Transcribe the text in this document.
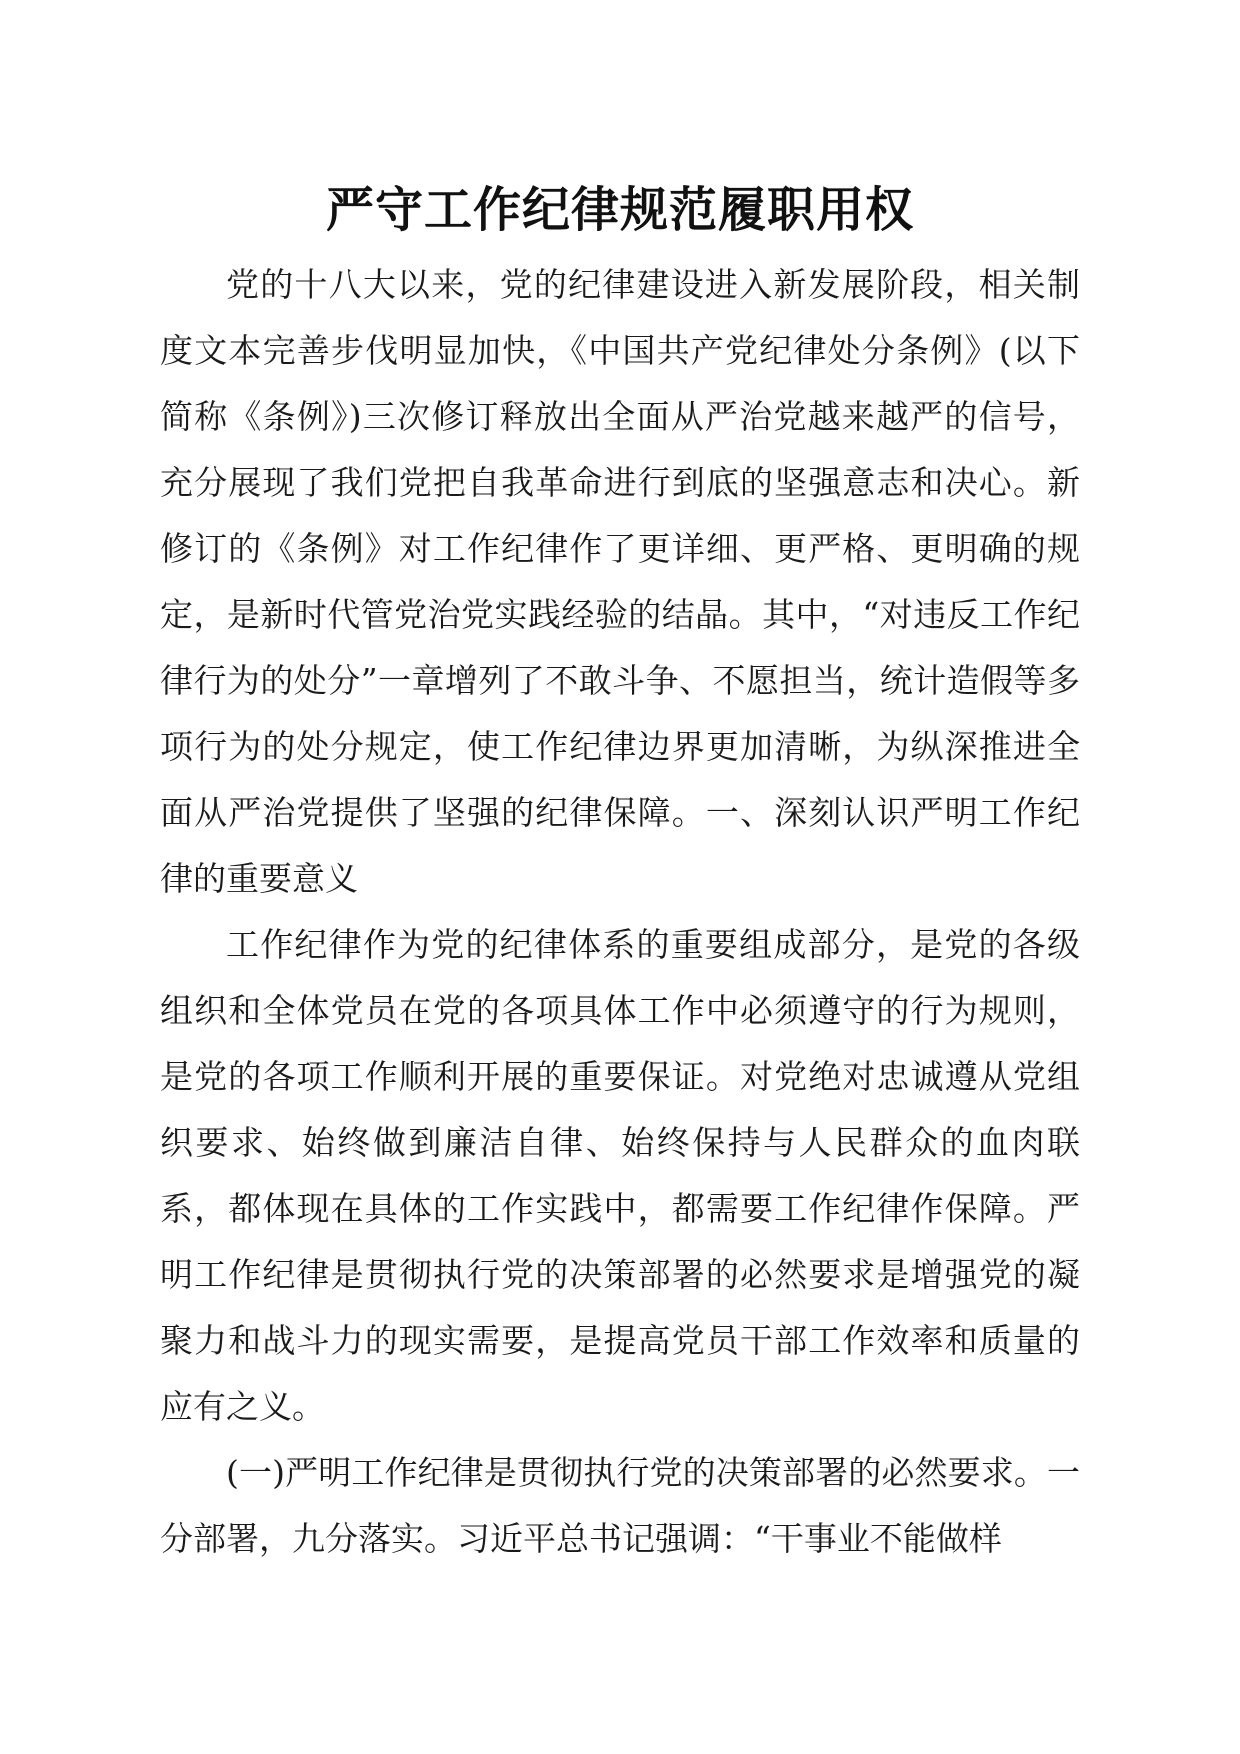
严守工作纪律规范履职用权

党的十八大以来，党的纪律建设进入新发展阶段，相关制度文本完善步伐明显加快，《中国共产党纪律处分条例》(以下简称《条例》)三次修订释放出全面从严治党越来越严的信号，充分展现了我们党把自我革命进行到底的坚强意志和决心。新修订的《条例》对工作纪律作了更详细、更严格、更明确的规定，是新时代管党治党实践经验的结晶。其中，“对违反工作纪律行为的处分”一章增列了不敢斗争、不愿担当，统计造假等多项行为的处分规定，使工作纪律边界更加清晰，为纵深推进全面从严治党提供了坚强的纪律保障。一、深刻认识严明工作纪律的重要意义

工作纪律作为党的纪律体系的重要组成部分，是党的各级组织和全体党员在党的各项具体工作中必须遵守的行为规则，是党的各项工作顺利开展的重要保证。对党绝对忠诚遵从党组织要求、始终做到廉洁自律、始终保持与人民群众的血肉联系，都体现在具体的工作实践中，都需要工作纪律作保障。严明工作纪律是贯彻执行党的决策部署的必然要求是增强党的凝聚力和战斗力的现实需要，是提高党员干部工作效率和质量的应有之义。

(一)严明工作纪律是贯彻执行党的决策部署的必然要求。一分部署，九分落实。习近平总书记强调：“干事业不能做样
